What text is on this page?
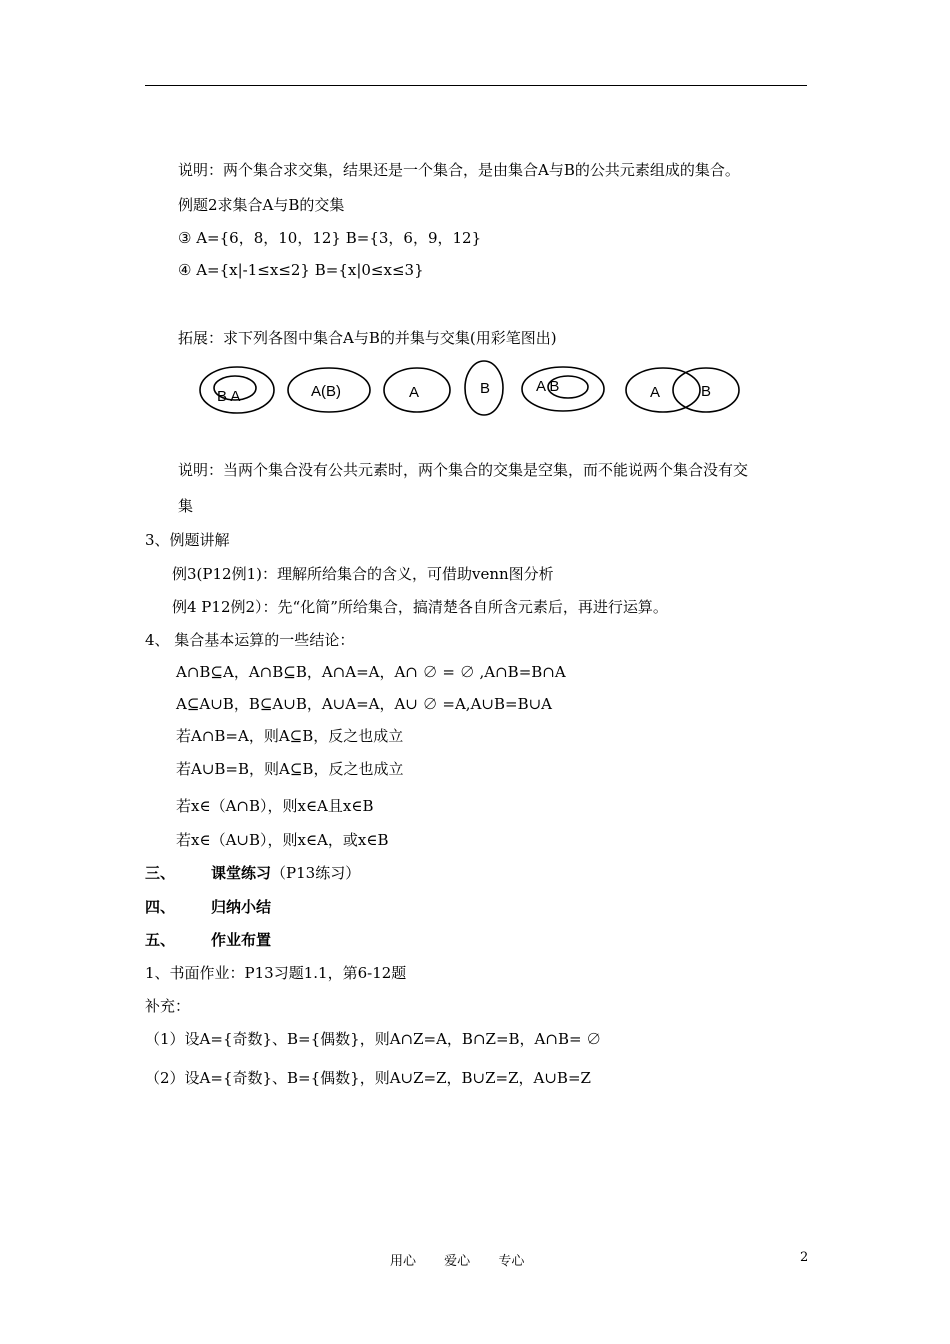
说明：两个集合求交集，结果还是一个集合，是由集合A与B的公共元素组成的集合。
例题2求集合A与B的交集
③ A={6，8，10，12} B={3，6，9，12}
④ A={x|-1≤x≤2} B={x|0≤x≤3}
拓展：求下列各图中集合A与B的并集与交集(用彩笔图出)
B A	A(B)	A	B	A B	A	B
说明：当两个集合没有公共元素时，两个集合的交集是空集，而不能说两个集合没有交
集
3、例题讲解
例3(P12例1)：理解所给集合的含义，可借助venn图分析
例4 P12例2）：先“化简”所给集合，搞清楚各自所含元素后，再进行运算。
4、 集合基本运算的一些结论：
A∩B⊆A，A∩B⊆B，A∩A=A，A∩ ∅ = ∅ ,A∩B=B∩A
A⊆A∪B，B⊆A∪B，A∪A=A，A∪ ∅ =A,A∪B=B∪A
若A∩B=A，则A⊆B，反之也成立
若A∪B=B，则A⊆B，反之也成立
若x∈（A∩B），则x∈A且x∈B
若x∈（A∪B），则x∈A，或x∈B
三、 课堂练习（P13练习）
四、 归纳小结
五、 作业布置
1、书面作业：P13习题1.1，第6-12题
补充：
（1）设A={奇数}、B={偶数}，则A∩Z=A，B∩Z=B，A∩B= ∅
（2）设A={奇数}、B={偶数}，则A∪Z=Z，B∪Z=Z，A∪B=Z
用心 爱心 专心	2
